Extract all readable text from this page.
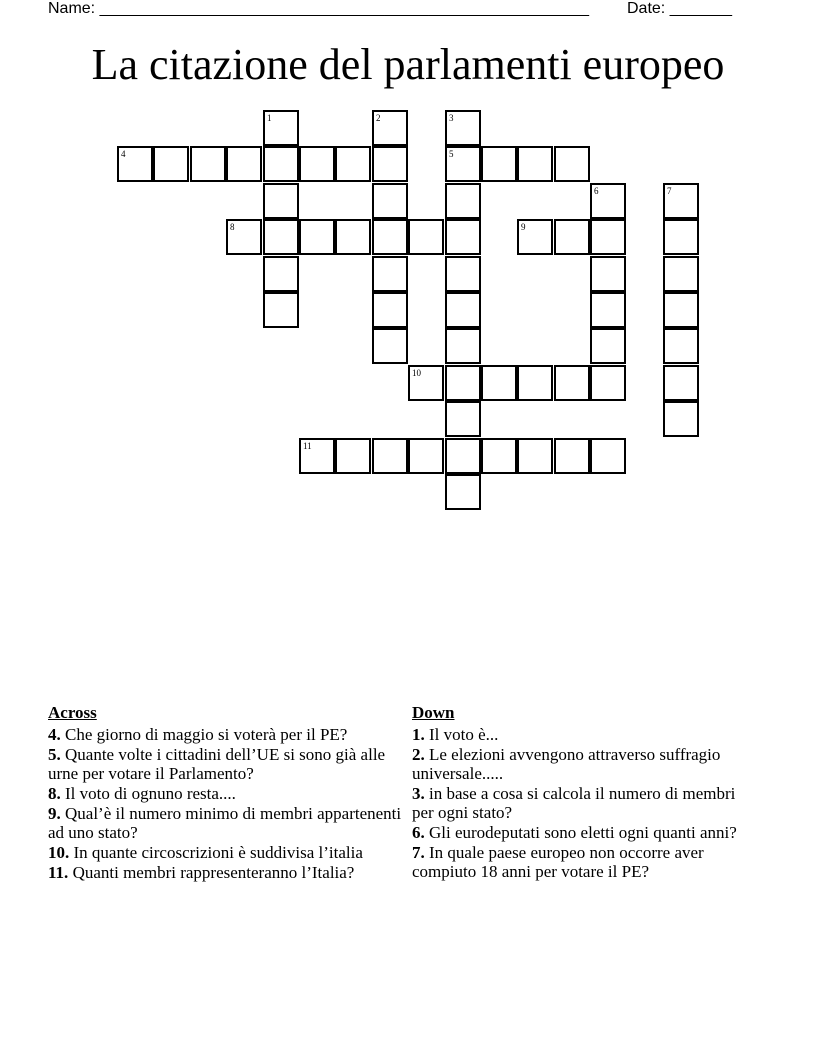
Name: _______________________________________________________ Date: _______
La citazione del parlamenti europeo
1	2	3
4	5
6	7
8	9
10
11
Across
4. Che giorno di maggio si voterà per il PE?
5. Quante volte i cittadini dell’UE si sono già alle urne per votare il Parlamento?
8. Il voto di ognuno resta....
9. Qual’è il numero minimo di membri appartenenti ad uno stato?
10. In quante circoscrizioni è suddivisa l’italia
11. Quanti membri rappresenteranno l’Italia?
Down
1. Il voto è...
2. Le elezioni avvengono attraverso suffragio universale.....
3. in base a cosa si calcola il numero di membri per ogni stato?
6. Gli eurodeputati sono eletti ogni quanti anni?
7. In quale paese europeo non occorre aver compiuto 18 anni per votare il PE?
